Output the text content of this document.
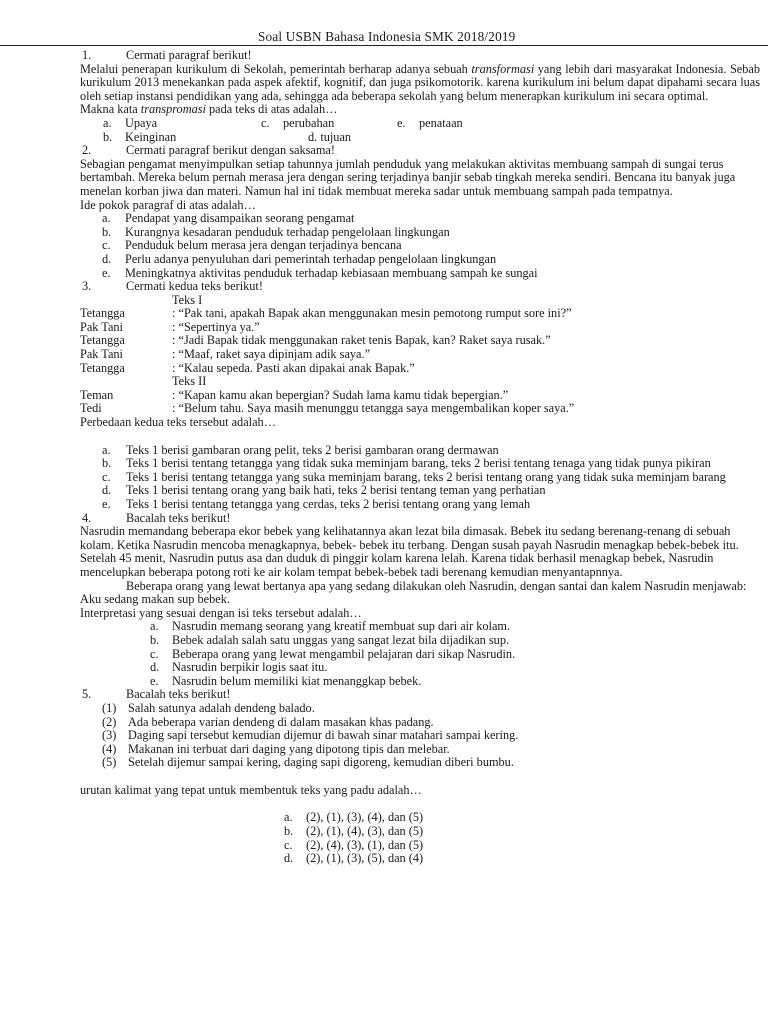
Soal USBN Bahasa Indonesia SMK 2018/2019
1.	Cermati paragraf berikut!
Melalui penerapan kurikulum di Sekolah, pemerintah berharap adanya sebuah transformasi yang lebih dari masyarakat Indonesia. Sebab kurikulum 2013 menekankan pada aspek afektif, kognitif, dan juga psikomotorik. karena kurikulum ini belum dapat dipahami secara luas oleh setiap instansi pendidikan yang ada, sehingga ada beberapa sekolah yang belum menerapkan kurikulum ini secara optimal.
Makna kata transpromasi pada teks di atas adalah…
a. Upaya	c. perubahan	e. penataan
b. Keinginan	d. tujuan
2.	Cermati paragraf berikut dengan saksama!
Sebagian pengamat menyimpulkan setiap tahunnya jumlah penduduk yang melakukan aktivitas membuang sampah di sungai terus bertambah. Mereka belum pernah merasa jera dengan sering terjadinya banjir sebab tingkah mereka sendiri. Bencana itu banyak juga menelan korban jiwa dan materi. Namun hal ini tidak membuat mereka sadar untuk membuang sampah pada tempatnya.
Ide pokok paragraf di atas adalah…
a. Pendapat yang disampaikan seorang pengamat
b. Kurangnya kesadaran penduduk terhadap pengelolaan lingkungan
c. Penduduk belum merasa jera dengan terjadinya bencana
d. Perlu adanya penyuluhan dari pemerintah terhadap pengelolaan lingkungan
e. Meningkatnya aktivitas penduduk terhadap kebiasaan membuang sampah ke sungai
3.	Cermati kedua teks berikut!
Teks I
Tetangga	: “Pak tani, apakah Bapak akan menggunakan mesin pemotong rumput sore ini?”
Pak Tani	: “Sepertinya ya.”
Tetangga	: “Jadi Bapak tidak menggunakan raket tenis Bapak, kan? Raket saya rusak.”
Pak Tani	: “Maaf, raket saya dipinjam adik saya.”
Tetangga	: “Kalau sepeda. Pasti akan dipakai anak Bapak.”
Teks II
Teman	: “Kapan kamu akan bepergian? Sudah lama kamu tidak bepergian.”
Tedi	: “Belum tahu. Saya masih menunggu tetangga saya mengembalikan koper saya.”
Perbedaan kedua teks tersebut adalah…
a.	Teks 1 berisi gambaran orang pelit, teks 2 berisi gambaran orang dermawan
b.	Teks 1 berisi tentang tetangga yang tidak suka meminjam barang, teks 2 berisi tentang tenaga yang tidak punya pikiran
c.	Teks 1 berisi tentang tetangga yang suka meminjam barang, teks 2 berisi tentang orang yang tidak suka meminjam barang
d.	Teks 1 berisi tentang orang yang baik hati, teks 2 berisi tentang teman yang perhatian
e.	Teks 1 berisi tentang tetangga yang cerdas, teks 2 berisi tentang orang yang lemah
4.	Bacalah teks berikut!
Nasrudin memandang beberapa ekor bebek yang kelihatannya akan lezat bila dimasak. Bebek itu sedang berenang-renang di sebuah kolam. Ketika Nasrudin mencoba menagkapnya, bebek- bebek itu terbang. Dengan susah payah Nasrudin menagkap bebek-bebek itu. Setelah 45 menit, Nasrudin putus asa dan duduk di pinggir kolam karena lelah. Karena tidak berhasil menagkap bebek, Nasrudin mencelupkan beberapa potong roti ke air kolam tempat bebek-bebek tadi berenang kemudian menyantapnnya.
Beberapa orang yang lewat bertanya apa yang sedang dilakukan oleh Nasrudin, dengan santai dan kalem Nasrudin menjawab: Aku sedang makan sup bebek.
Interpretasi yang sesuai dengan isi teks tersebut adalah…
a. Nasrudin memang seorang yang kreatif membuat sup dari air kolam.
b. Bebek adalah salah satu unggas yang sangat lezat bila dijadikan sup.
c. Beberapa orang yang lewat mengambil pelajaran dari sikap Nasrudin.
d. Nasrudin berpikir logis saat itu.
e. Nasrudin belum memiliki kiat menanggkap bebek.
5.	Bacalah teks berikut!
(1) Salah satunya adalah dendeng balado.
(2) Ada beberapa varian dendeng di dalam masakan khas padang.
(3) Daging sapi tersebut kemudian dijemur di bawah sinar matahari sampai kering.
(4) Makanan ini terbuat dari daging yang dipotong tipis dan melebar.
(5) Setelah dijemur sampai kering, daging sapi digoreng, kemudian diberi bumbu.
urutan kalimat yang tepat untuk membentuk teks yang padu adalah…
a. (2), (1), (3), (4), dan (5)
b. (2), (1), (4), (3), dan (5)
c. (2), (4), (3), (1), dan (5)
d. (2), (1), (3), (5), dan (4)
